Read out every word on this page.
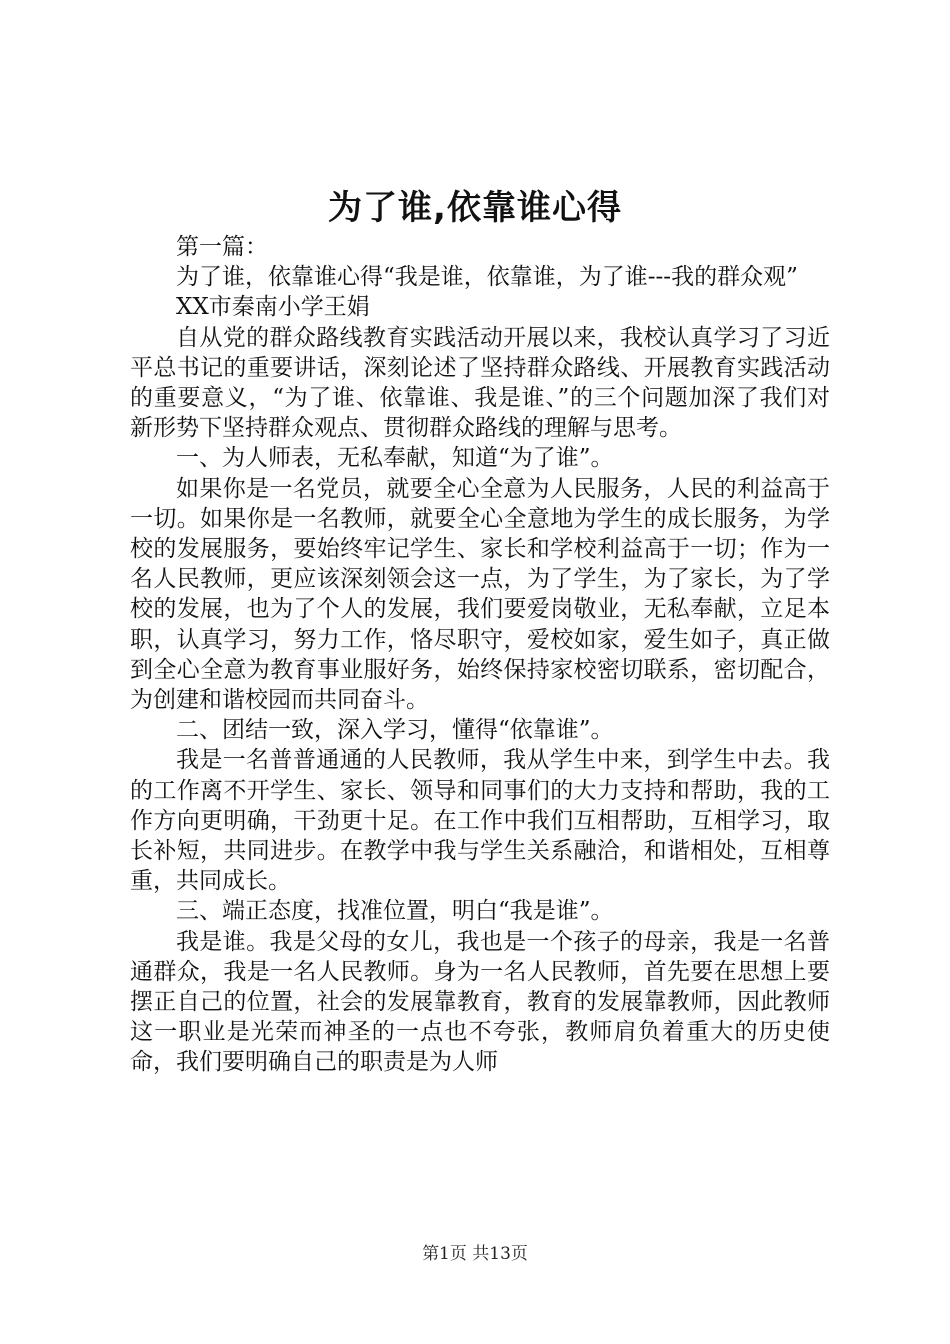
为了谁,依靠谁心得

第一篇：

为了谁，依靠谁心得“我是谁，依靠谁，为了谁---我的群众观”

XX市秦南小学王娟

自从党的群众路线教育实践活动开展以来，我校认真学习了习近平总书记的重要讲话，深刻论述了坚持群众路线、开展教育实践活动的重要意义，“为了谁、依靠谁、我是谁、”的三个问题加深了我们对新形势下坚持群众观点、贯彻群众路线的理解与思考。

一、为人师表，无私奉献，知道“为了谁”。

如果你是一名党员，就要全心全意为人民服务，人民的利益高于一切。如果你是一名教师，就要全心全意地为学生的成长服务，为学校的发展服务，要始终牢记学生、家长和学校利益高于一切；作为一名人民教师，更应该深刻领会这一点，为了学生，为了家长，为了学校的发展，也为了个人的发展，我们要爱岗敬业，无私奉献，立足本职，认真学习，努力工作，恪尽职守，爱校如家，爱生如子，真正做到全心全意为教育事业服好务，始终保持家校密切联系，密切配合，为创建和谐校园而共同奋斗。

二、团结一致，深入学习，懂得“依靠谁”。

我是一名普普通通的人民教师，我从学生中来，到学生中去。我的工作离不开学生、家长、领导和同事们的大力支持和帮助，我的工作方向更明确，干劲更十足。在工作中我们互相帮助，互相学习，取长补短，共同进步。在教学中我与学生关系融洽，和谐相处，互相尊重，共同成长。

三、端正态度，找准位置，明白“我是谁”。

我是谁。我是父母的女儿，我也是一个孩子的母亲，我是一名普通群众，我是一名人民教师。身为一名人民教师，首先要在思想上要摆正自己的位置，社会的发展靠教育，教育的发展靠教师，因此教师这一职业是光荣而神圣的一点也不夸张，教师肩负着重大的历史使命，我们要明确自己的职责是为人师

第1页 共13页
